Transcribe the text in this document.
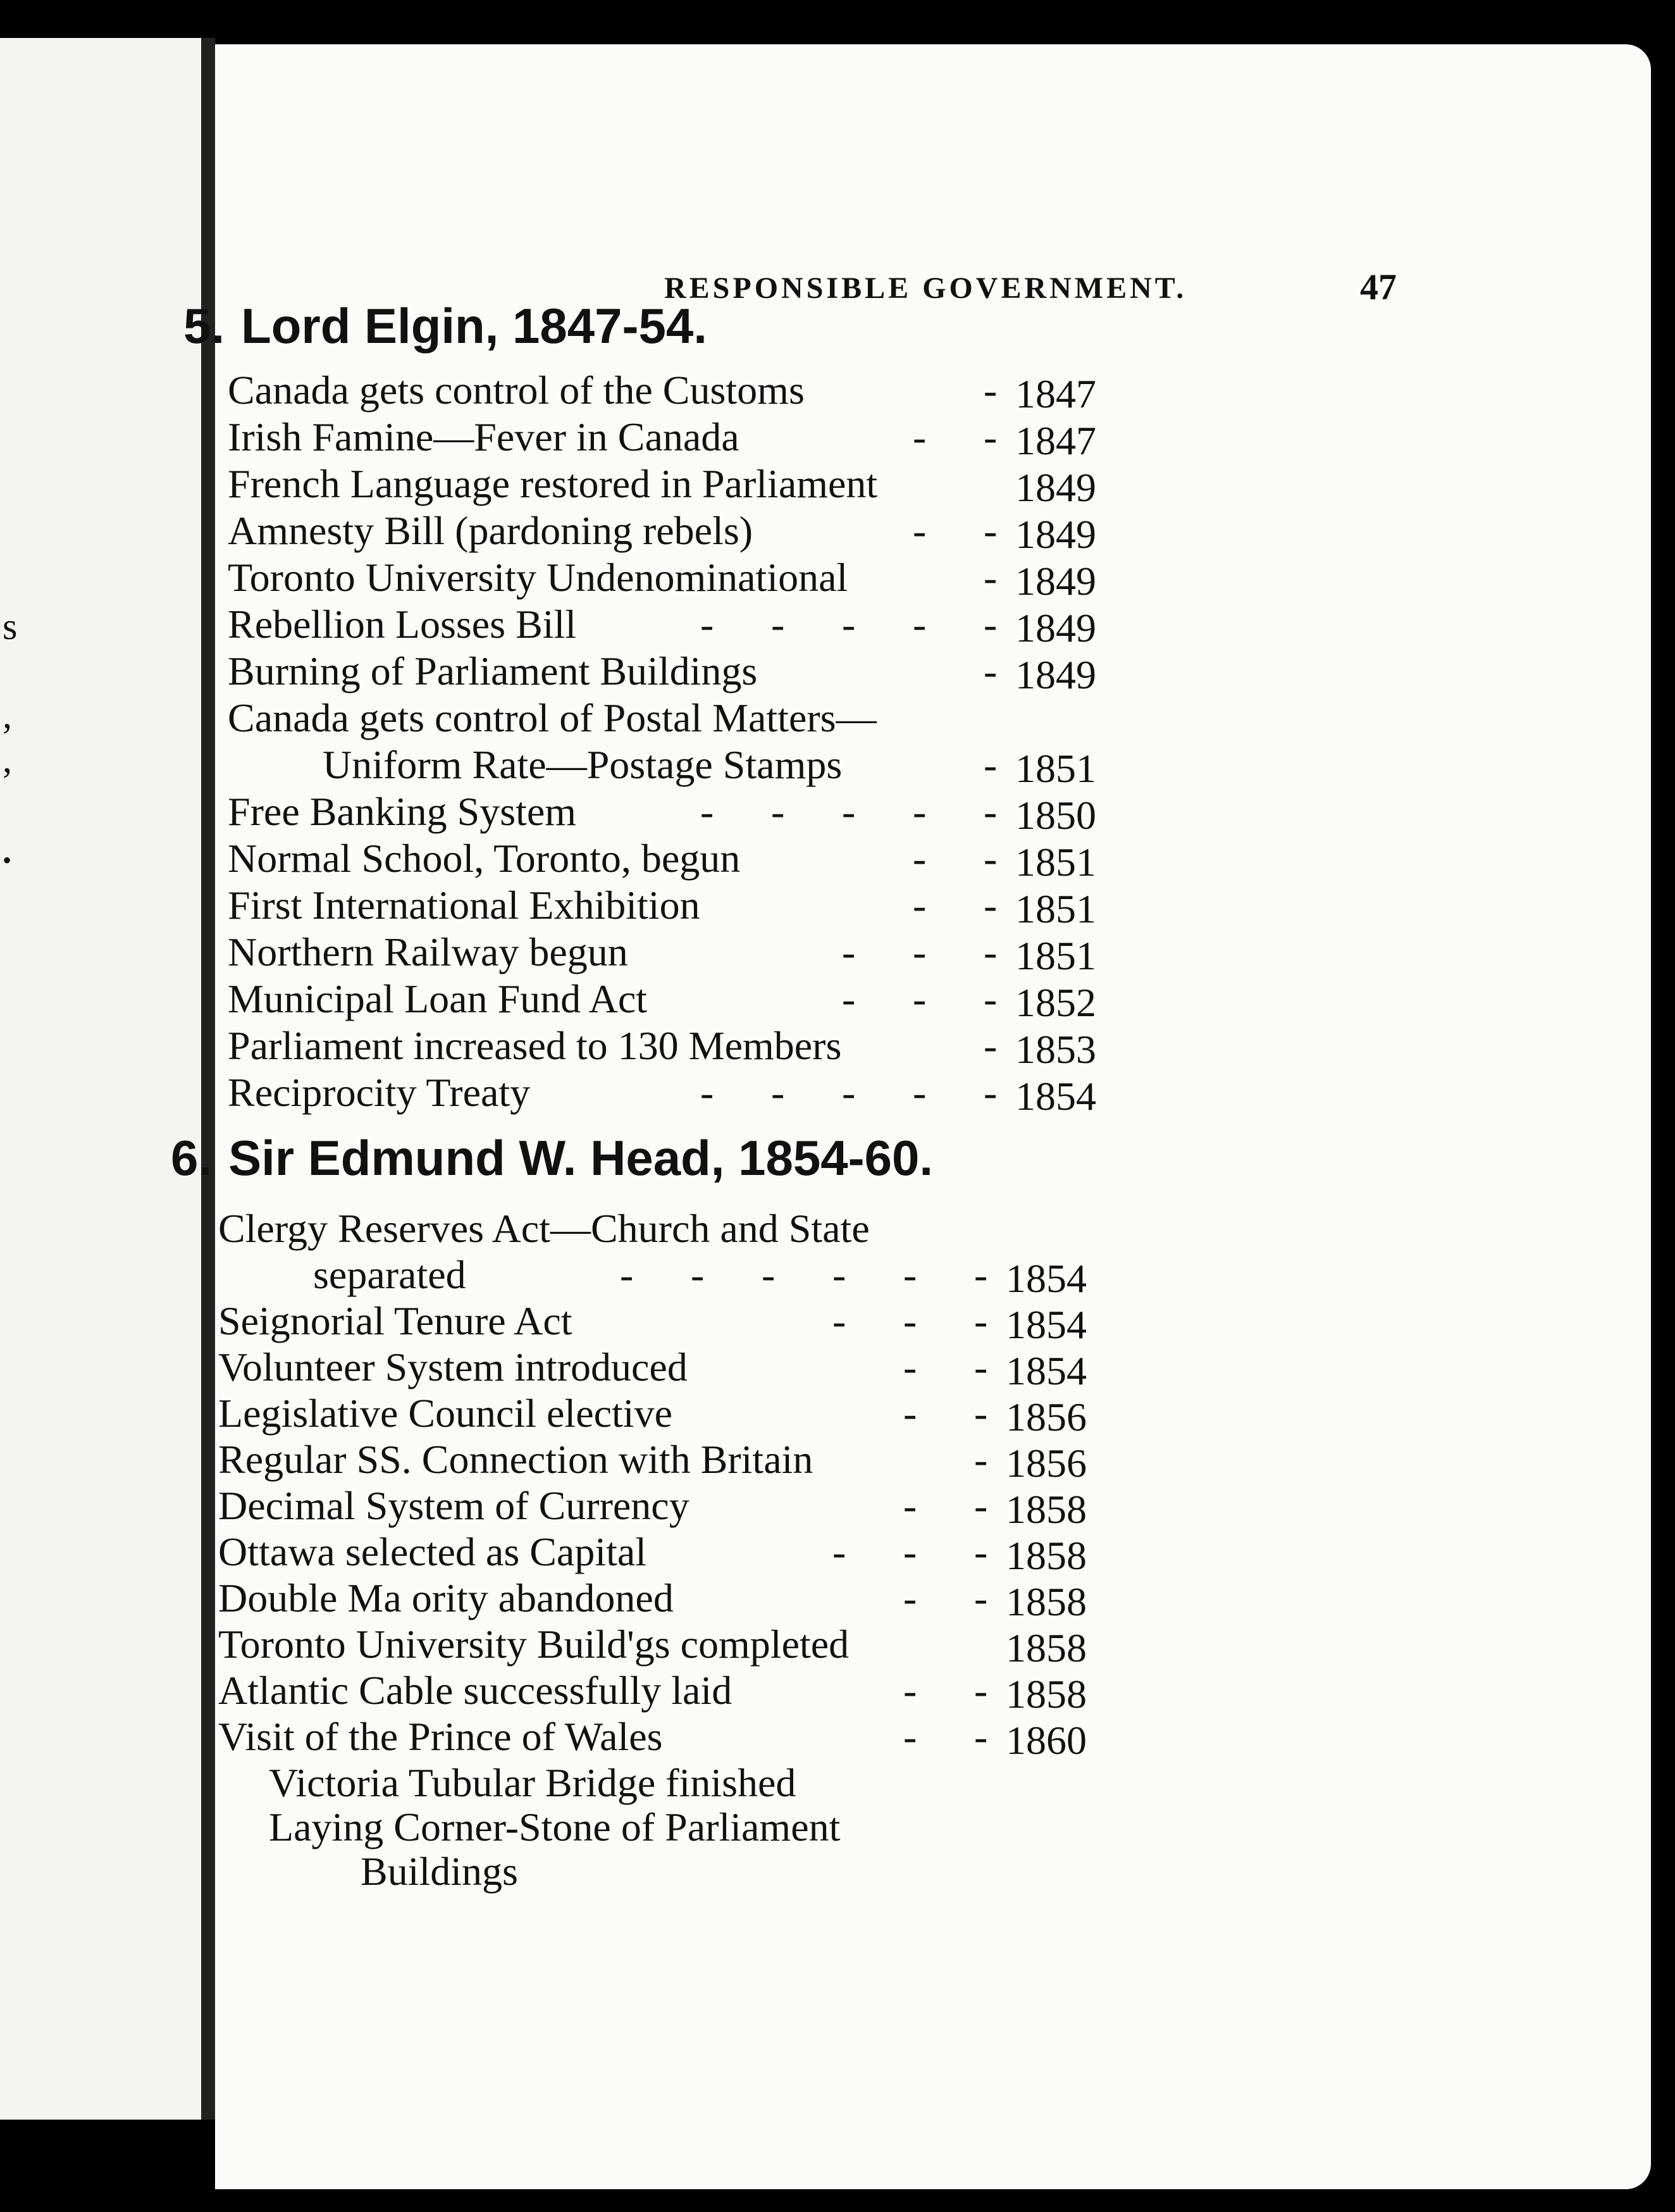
s
,
,
•
RESPONSIBLE GOVERNMENT.	47
5. Lord Elgin, 1847-54.
Canada gets control of the Customs	- 1847
Irish Famine—Fever in Canada	- - 1847
French Language restored in Parliament	1849
Amnesty Bill (pardoning rebels)	- - 1849
Toronto University Undenominational	- 1849
Rebellion Losses Bill	- - - - - 1849
Burning of Parliament Buildings	- 1849
Canada gets control of Postal Matters—
Uniform Rate—Postage Stamps	- 1851
Free Banking System	- - - - - 1850
Normal School, Toronto, begun	- - 1851
First International Exhibition	- - 1851
Northern Railway begun	- - - 1851
Municipal Loan Fund Act	- - - 1852
Parliament increased to 130 Members	- 1853
Reciprocity Treaty	- - - - - 1854
6. Sir Edmund W. Head, 1854-60.
Clergy Reserves Act—Church and State
separated	- - - - - - 1854
Seignorial Tenure Act	- - - 1854
Volunteer System introduced	- - 1854
Legislative Council elective	- - 1856
Regular SS. Connection with Britain	- 1856
Decimal System of Currency	- - 1858
Ottawa selected as Capital	- - - 1858
Double Ma ority abandoned	- - 1858
Toronto University Build'gs completed	1858
Atlantic Cable successfully laid	- - 1858
Visit of the Prince of Wales	- - 1860
Victoria Tubular Bridge finished
Laying Corner-Stone of Parliament
Buildings
